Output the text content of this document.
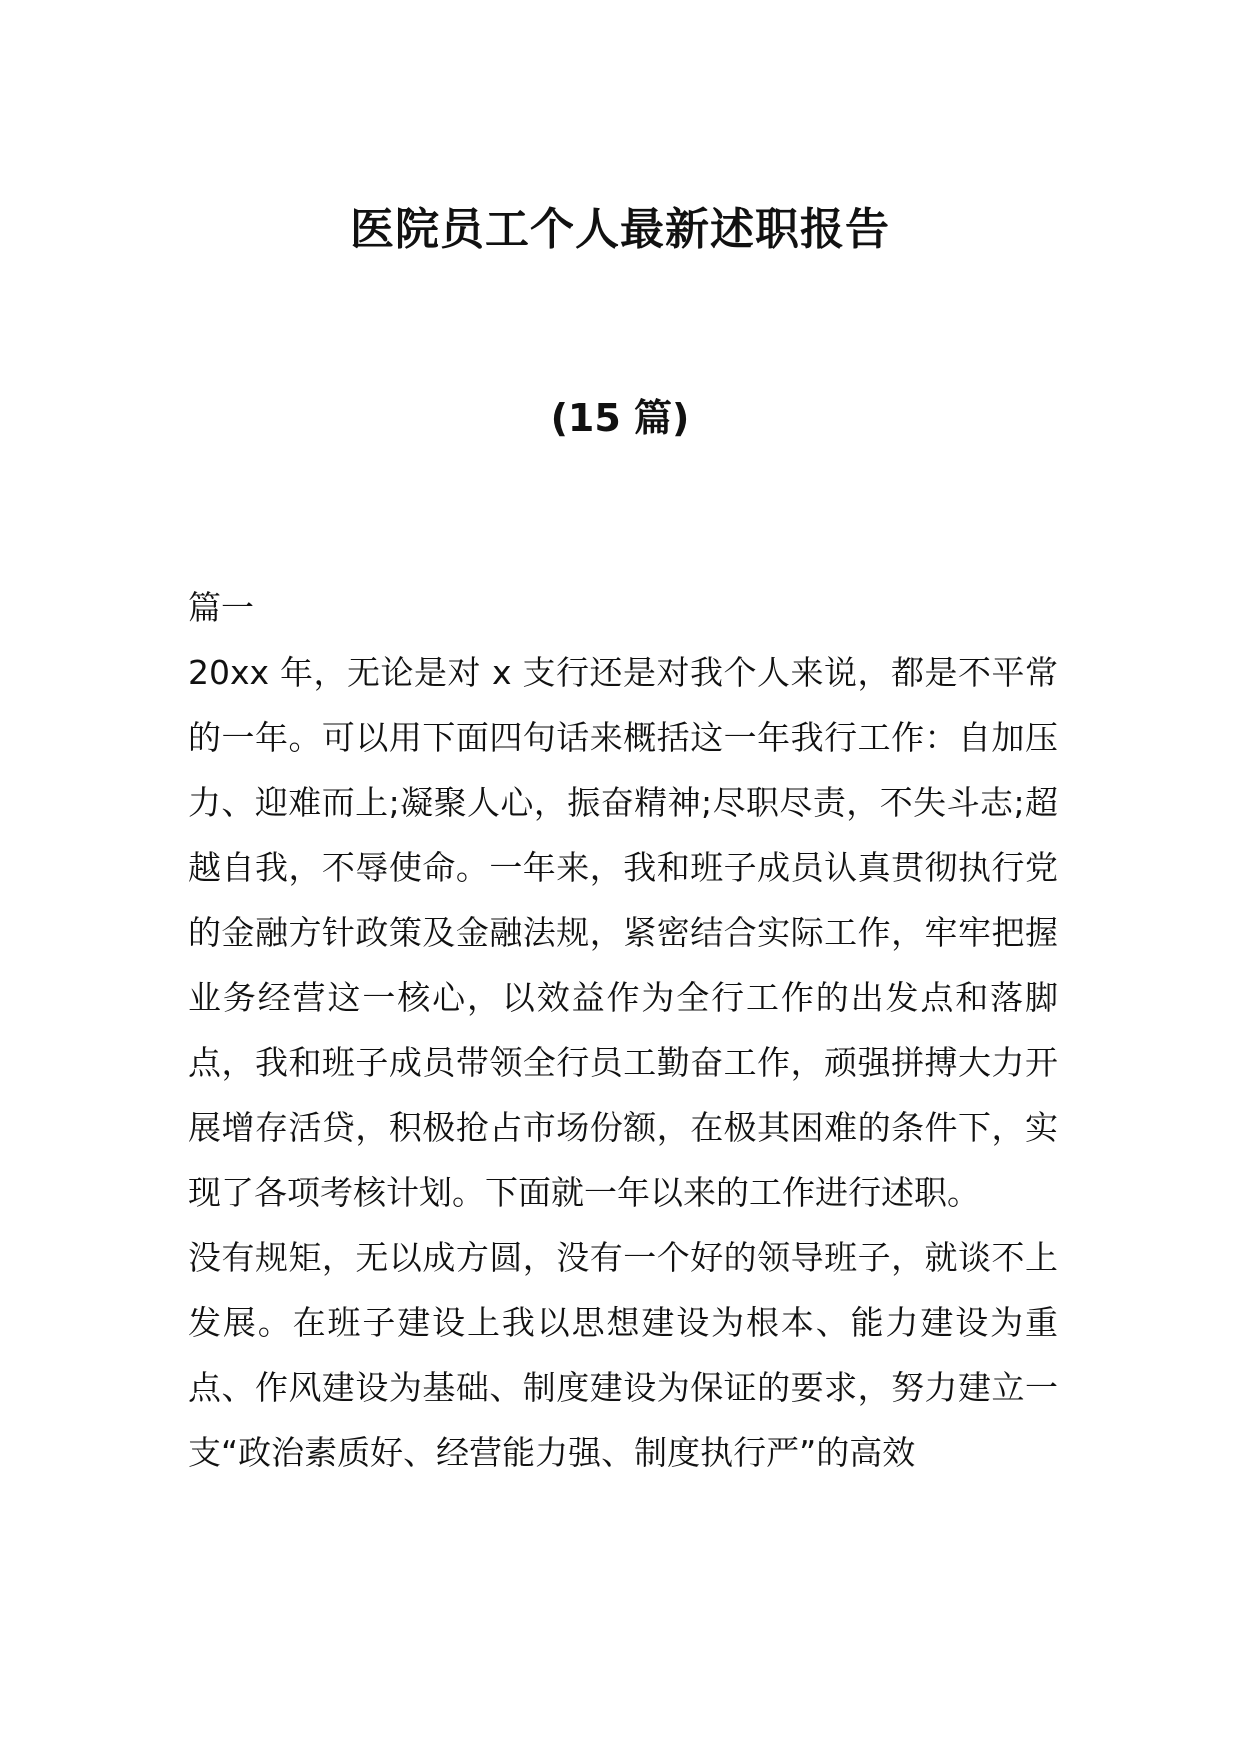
医院员工个人最新述职报告
(15 篇)

篇一

20xx 年，无论是对 x 支行还是对我个人来说，都是不平常的一年。可以用下面四句话来概括这一年我行工作：自加压力、迎难而上;凝聚人心，振奋精神;尽职尽责，不失斗志;超越自我，不辱使命。一年来，我和班子成员认真贯彻执行党的金融方针政策及金融法规，紧密结合实际工作，牢牢把握业务经营这一核心，以效益作为全行工作的出发点和落脚点，我和班子成员带领全行员工勤奋工作，顽强拼搏大力开展增存活贷，积极抢占市场份额，在极其困难的条件下，实现了各项考核计划。下面就一年以来的工作进行述职。

没有规矩，无以成方圆，没有一个好的领导班子，就谈不上发展。在班子建设上我以思想建设为根本、能力建设为重点、作风建设为基础、制度建设为保证的要求，努力建立一支“政治素质好、经营能力强、制度执行严”的高效
